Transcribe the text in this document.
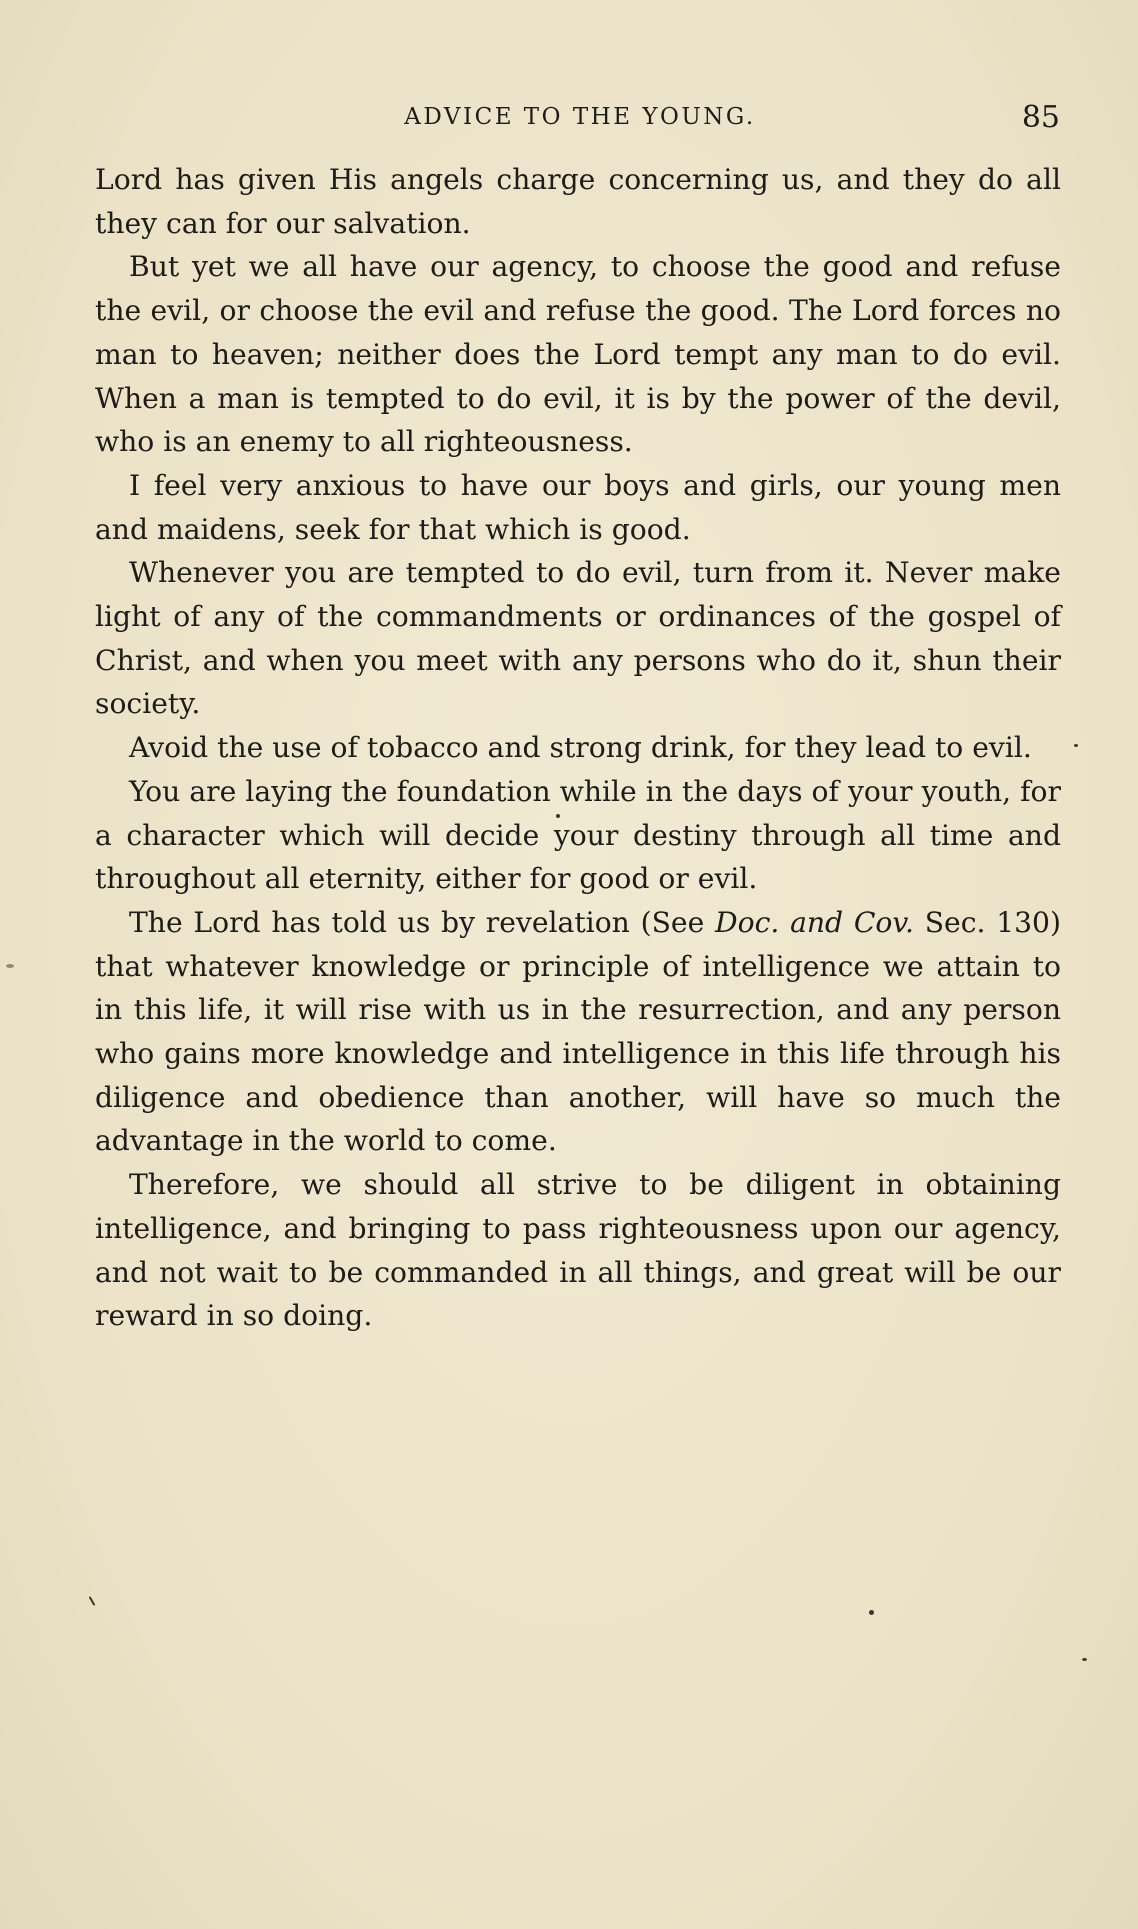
ADVICE TO THE YOUNG.	85

Lord has given His angels charge concerning us, and they do all they can for our salvation.

But yet we all have our agency, to choose the good and refuse the evil, or choose the evil and refuse the good. The Lord forces no man to heaven; neither does the Lord tempt any man to do evil. When a man is tempted to do evil, it is by the power of the devil, who is an enemy to all righteousness.

I feel very anxious to have our boys and girls, our young men and maidens, seek for that which is good.

Whenever you are tempted to do evil, turn from it. Never make light of any of the commandments or ordinances of the gospel of Christ, and when you meet with any persons who do it, shun their society.

Avoid the use of tobacco and strong drink, for they lead to evil.

You are laying the foundation while in the days of your youth, for a character which will decide your destiny through all time and throughout all eternity, either for good or evil.

The Lord has told us by revelation (See Doc. and Cov. Sec. 130) that whatever knowledge or principle of intelligence we attain to in this life, it will rise with us in the resurrection, and any person who gains more knowledge and intelligence in this life through his diligence and obedience than another, will have so much the advantage in the world to come.

Therefore, we should all strive to be diligent in obtaining intelligence, and bringing to pass righteousness upon our agency, and not wait to be commanded in all things, and great will be our reward in so doing.
